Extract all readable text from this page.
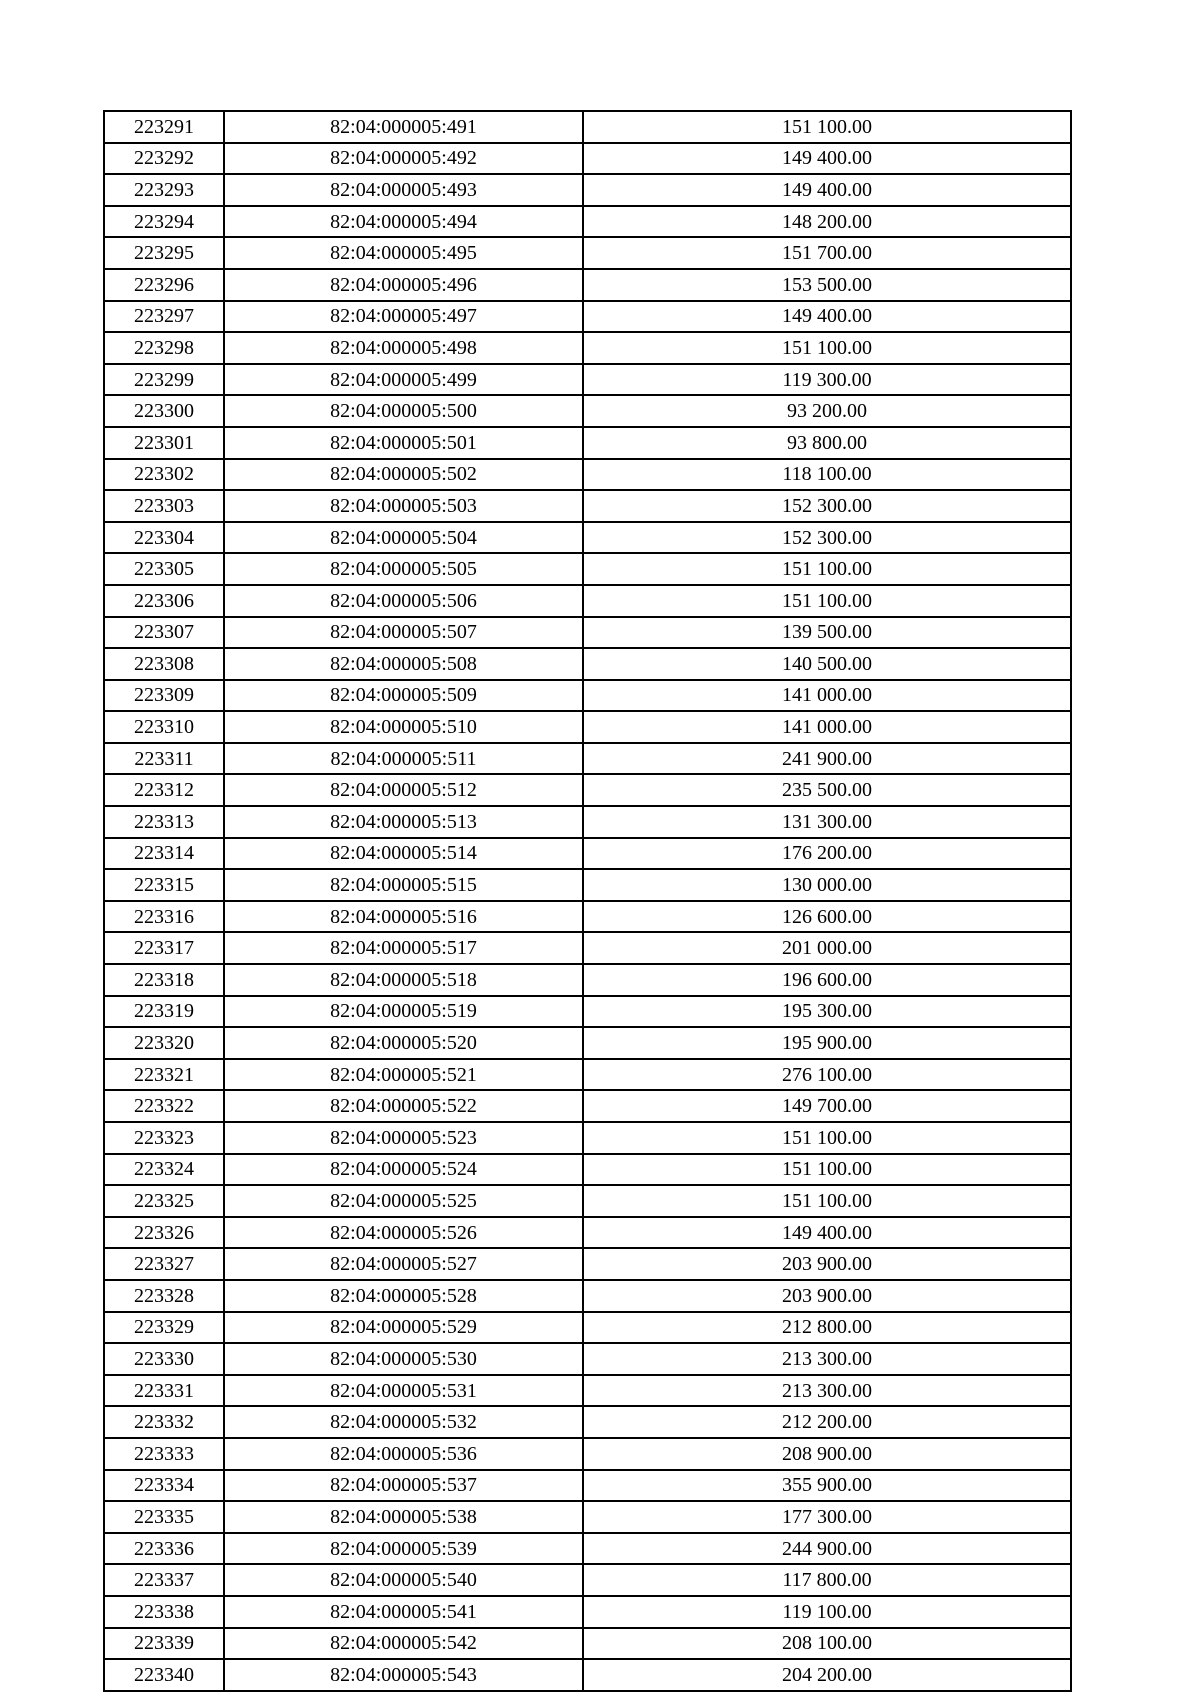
223291	82:04:000005:491	151 100.00
223292	82:04:000005:492	149 400.00
223293	82:04:000005:493	149 400.00
223294	82:04:000005:494	148 200.00
223295	82:04:000005:495	151 700.00
223296	82:04:000005:496	153 500.00
223297	82:04:000005:497	149 400.00
223298	82:04:000005:498	151 100.00
223299	82:04:000005:499	119 300.00
223300	82:04:000005:500	93 200.00
223301	82:04:000005:501	93 800.00
223302	82:04:000005:502	118 100.00
223303	82:04:000005:503	152 300.00
223304	82:04:000005:504	152 300.00
223305	82:04:000005:505	151 100.00
223306	82:04:000005:506	151 100.00
223307	82:04:000005:507	139 500.00
223308	82:04:000005:508	140 500.00
223309	82:04:000005:509	141 000.00
223310	82:04:000005:510	141 000.00
223311	82:04:000005:511	241 900.00
223312	82:04:000005:512	235 500.00
223313	82:04:000005:513	131 300.00
223314	82:04:000005:514	176 200.00
223315	82:04:000005:515	130 000.00
223316	82:04:000005:516	126 600.00
223317	82:04:000005:517	201 000.00
223318	82:04:000005:518	196 600.00
223319	82:04:000005:519	195 300.00
223320	82:04:000005:520	195 900.00
223321	82:04:000005:521	276 100.00
223322	82:04:000005:522	149 700.00
223323	82:04:000005:523	151 100.00
223324	82:04:000005:524	151 100.00
223325	82:04:000005:525	151 100.00
223326	82:04:000005:526	149 400.00
223327	82:04:000005:527	203 900.00
223328	82:04:000005:528	203 900.00
223329	82:04:000005:529	212 800.00
223330	82:04:000005:530	213 300.00
223331	82:04:000005:531	213 300.00
223332	82:04:000005:532	212 200.00
223333	82:04:000005:536	208 900.00
223334	82:04:000005:537	355 900.00
223335	82:04:000005:538	177 300.00
223336	82:04:000005:539	244 900.00
223337	82:04:000005:540	117 800.00
223338	82:04:000005:541	119 100.00
223339	82:04:000005:542	208 100.00
223340	82:04:000005:543	204 200.00
